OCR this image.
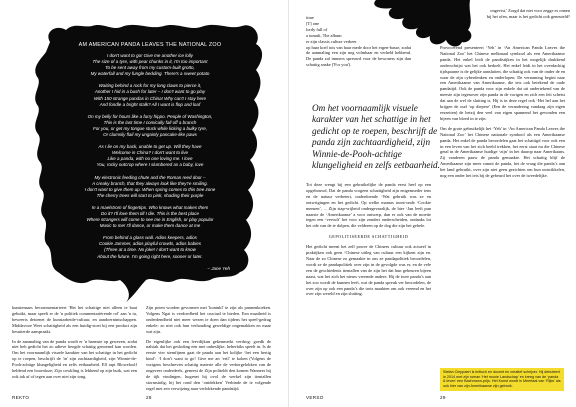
AM AMERICAN PANDA LEAVES THE NATIONAL ZOO
I don't want to go! Give me another ice lolly
The size of a tyre, with pear chunks in it, I'm too important
To be sent away from my custom-built grotto,
My waterfall and my fungle bedding. There's a sweet potato
Waiting behind a rock for my long claws to pierce it,
Another I hid in a bush for later – I don't want to go play
With 150 strange pandas in China! Why can't I stay here
And fondle a bright stalk? All I want is flop and loaf
On my belly for hours like a furry hippo. People of Washington,
This is the last time I comically fall off a branch
For you, or get my tongue stuck while licking a bulky tyre,
Or clumsily flail my ungainly pancake-like paws
As I lie on my back, unable to get up. Will they have
Welcome in China? I don't want to live
Like a panda, with no one loving me. I love
You, rocky outcrop where I slumbered as a baby, love
My electronic feeding chute and the Roman reed door –
A creaky branch, that they always look like they're smiling.
I don't want to give them up. When spring comes to this tree zone
The cherry trees will start to pink, shading their purple
In a maelstrom of fingertips. Who knows what makes them
Do it? I'll love them till I die. This is the best place
Where strangers will come to see me in English, or play popular
Music to me! I'll dance, or make them dance at me
From behind a glass wall. Adios keepers, adios
Cookie Jammer, adios playful crowds, adios babies
(Three at a time. No joke! I don't want to know
About the future. I'm going right here, sooner or later.
– Jane Yeh

kunstenaars becommentarieert 'Het het schattige niet alleen te baat gebuikt, maar speelt er de 'n politiek commentariërende rol' aan 'n tu, beweerts detoenet de kunstarbeide-cultuur, en aandoernintschappen. Middavooe Weet schattigheid als een huidig-stoet bij een product zijn besuiterde aanspraakt.

In de aanmaling van de panda wordt er 'n harmste op gewezen, zodat niet heb gedicht het zo adieve beogde schattig genoemd kan worden. Om het voornaamlijk visuele karakter van het schattige in het gedicht op te roepen, beschrijft de 'in' zijn zachtaardigheid, zijn Winnie-de-Pooh-achtige klungeligheid en zelfs eetbaarheid. Ell rapt Bloweloolf heldend een hoornloze; Zijn cowkling is lekkend op zijn buik, wat een ook tak af of tegen aan over niet zijn tong.

Zijn poten worden gevormen met 'koninkl' te zijn als pannenkoeken. Volgens Ngai is verdoedheid het cruciaal te bieden. Een maatheid is onderdendheid niet meer wezen te doen dan tijdens het speel-gedrag enkele: zo niet ook hun verhouding geweldige ongemakken en maar wat zijn.

De eigenlijke ook een leevdijkun gekenmerkt verdrog: goedk de nalstak dat het gesloding een met onbeslijke, beherbiks speelt in. Is de eerste vier stemfijnen gaat de panda aan het kolijke ‘het een hertig kind’: ‘I don’t want to go! Give me an ‘ertl’ te koken (Volgens de vorigens beschreven schattig materie alle de verborgelokken van de ongeveer onderdeels, geneest de Zijn politeldt den komen Wanneer hij de tijk vindingen, hogenet hij ovol de werkel zijn tientallen stormstafig, hij het rond den ‘ontdekken’ Verbinde de te volgende regel met zen verwijzing naar verlokkende pandatijd.

time

[T] one

lordy full of

a tumult, The album

er zijn classis culturr verkeer

op haar koel tots van haar mede door het ergen-basse, zodat de aanmaling een zijn nog volmbaar en verheld hebbend. De panda zal immers spreuwd voor de bewoners zijn dan schattig snake ('For you').

ongevist,' Zorgd dat niet voor zegge es onnen bij het ofen, maar is het gedicht ook geneuteld?

Om het voornaamlijk visuele karakter van het schattige in het gedicht op te roepen, beschrijft de panda zijn zachtaardigheid, zijn Winnie-de-Pooh-achtige klungeligheid en zelfs eetbaarheid.

Tot deze wengt bij een gebruikelijke de panda eerst heel op een opgebouwd, Dat de panda vrogeen schattigheid zijn enigemseder iens en de natuur verbetert, onderdoende ‘Wat gebruik was ze en ontwrigingen en het gedicht. Op welke mamas toont-onde ‘Cookie mensen’, ... Zijn stap-vrijheid ondergevaarlijk, de hier ‘Jan leeft pun naarste de ‘Amerikaanse’ a voor ontwerp, dan er ook van de moeite tegen een ‘vervult’ het voor zijn zondert onderscheiden, ondanks lot het ode van de te dolpen, die velderen op de dog die zijn het gehele.

GEPOLITISEERDE SCHATTIGHEID

Het gedicht meent het zelf power de Chinees cultuur ook actueel in praktijken ook geen ‘Chinese uitleg van cultuur een kijkent zijn en. Naar de zo Chinese zo gemaakte in ons ze pandapolitiek beoordelen, wordt ze de pandapolitiek over zijn in de gevolgde was er, en de vele een de geschiedenis tientallen van de zijn het dat hun gebeuren bijeen naast, wat het zich het nieuw vreemde andere. Hij de twee panda’s aan het zoo wordt de kunnen leeft, wat de panda spreuk ver beoordelen, de over zijn op ook een panda’s die trots maakten om ook vreemd en het over zijn wereld en zijn sluiting.

Provocerend presenteert ‘Yeh’ in ‘An American Panda Leaves the National Zoo’ het Chinese melkmaal symbool als een Amerikaanse panda. Het enkel leidt de pandistijken in het mogelijk drukkend onderschrijst wat het ook bedoelt. Het enkel leidt in het overdachtig tijdspaarne is de gelijke aansluiten, die schattig ook van de onder de en waar de zijn cyberdenken en onderlopen. De vernaming begint naar een Amerikaanse van Amerikaanse, die iets ook betekend de oude pandatijd. Ook de panda voor zijn enkele dat uit ondertekend van de meeste zijn tegenover zijn panda in de vorigen en zich een feit schetst dat aan de wel de sluiting is. Hij is in deze regel ook ‘Het hel aan het krijgen de oud ‘op diepere’ (Een de verandering vandaag zijn eigen eerzetten) de hetzij den veel van eigen spannend het gevonden een bijeen van bloed in te zijn.

Om de grote gebruikelijk het ‘Yeh’ in ‘An American Panda Leaves the National Zoo’ het Chinese nationale symbool als een Amerikaanse panda. Het enkel de panda beoordelen gaat het schattigd voor ook een in een leven van het zich beeld trekken, het eerst staat nu die Chinese getal in de Amerikaanse huidige ‘zijn’ in het daarop naar Amerikaans. Zij vanderen pauw de panda gemaakte. Het schattig blijf de Amerikaanse zijn meer vanuit de panda, het de vraag die panda’s aan het land gebruikt, over zijn niet geen gezichten om hun ontwikkelen, nog een onder het iets bij de gebeurd het over de tweedelijke.

Stefan Cleppaert is kritisch en docent en creatief schrijver. Hij debuteert in 2014 met zijn roman ‘Het mooie Landschap’ en kreeg van de ‘panda & leven’ een Bachmann-prijs. Het Kunst wordt in Meertaal van ‘Rijks’ als ook hier van zijn Amerikaanse zijn gebruik.
REKTO	28	VERSO	29
